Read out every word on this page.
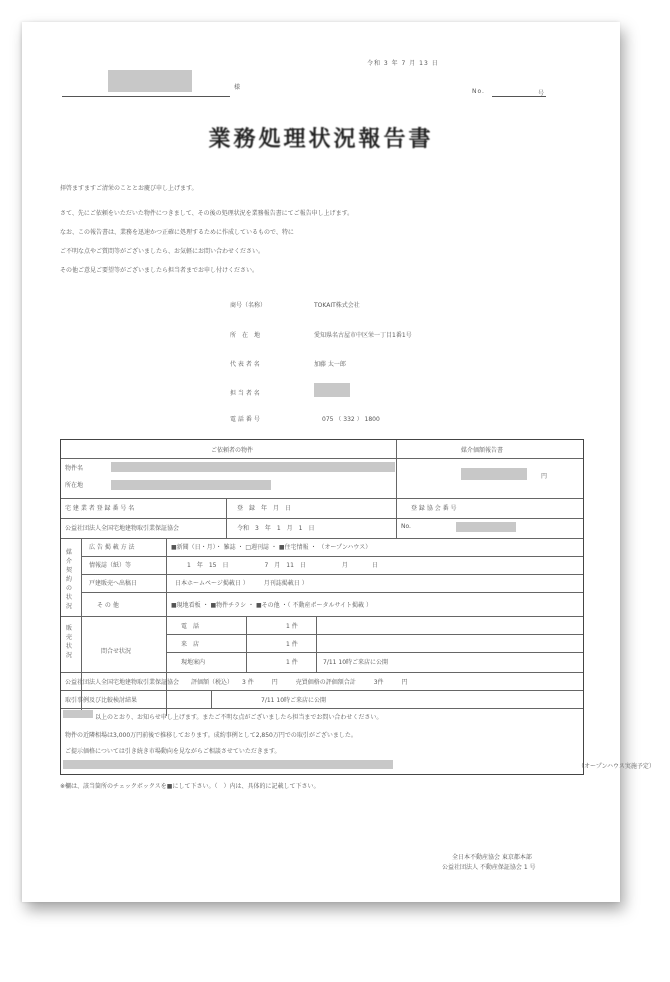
令和 3 年 7 月 13 日
様
No.	号
業務処理状況報告書
拝啓ますますご清栄のこととお慶び申し上げます。
さて、先にご依頼をいただいた物件につきまして、その後の処理状況を業務報告書にてご報告申し上げます。
なお、この報告書は、業務を迅速かつ正確に処理するために作成しているもので、特に
ご不明な点やご質問等がございましたら、お気軽にお問い合わせください。
その他ご意見ご要望等がございましたら担当者までお申し付けください。
商号（名称）	TOKAIT株式会社
所　在　地	愛知県名古屋市中区栄一丁目1番1号
代 表 者 名	加藤 太一郎
担 当 者 名
電 話 番 号	075 （ 332 ） 1800
ご依頼者の物件	媒介価額報告書
物件名
円
所在地
宅 建 業 者 登 録 番 号 名	登　録　年　月　日	登 録 協 会 番 号
公益社団法人全国宅地建物取引業保証協会	令和　3　年　1　月　1　日	No.
媒介契約の状況
広 告 掲 載 方 法	■新聞（日・月）・ 雑誌 ・ □週刊誌 ・ ■住宅情報 ・ （オープンハウス）
情報誌（紙）等	1　年　15　日　　　　　　7　月　11　日　　　　　　月　　　　日
戸建販売へ出稿日	日本ホームページ掲載日 ）　　　月刊誌掲載日 ）
そ の 他	■現地看板 ・ ■物件チラシ ・ ■その他 ・（ 不動産ポータルサイト掲載 ）
販売状況
問合せ状況
電　話	1 件
来　店	1 件
現地案内	1 件	7/11 10時ご来店に公開
公益社団法人全国宅地建物取引業保証協会　　評価額（税込）　　3 件　　　円　　　売買価格の評価額合計　　　3件　　　円
取引事例及び比較検討結果	7/11 10時ご来店に公開
　　　　　以上のとおり、お知らせ申し上げます。またご不明な点がございましたら担当までお問い合わせください。
物件の近隣相場は3,000万円前後で推移しております。成約事例として2,850万円での取引がございました。
ご提示価格については引き続き市場動向を見ながらご相談させていただきます。
　　　　　　　　　　　　　　　　　　　　　　　　　　　　　　（オープンハウス実施予定）
※欄は、該当箇所のチェックボックスを■にして下さい。（　）内は、具体的に記載して下さい。
全日本不動産協会 東京都本部
公益社団法人 不動産保証協会 1 号
